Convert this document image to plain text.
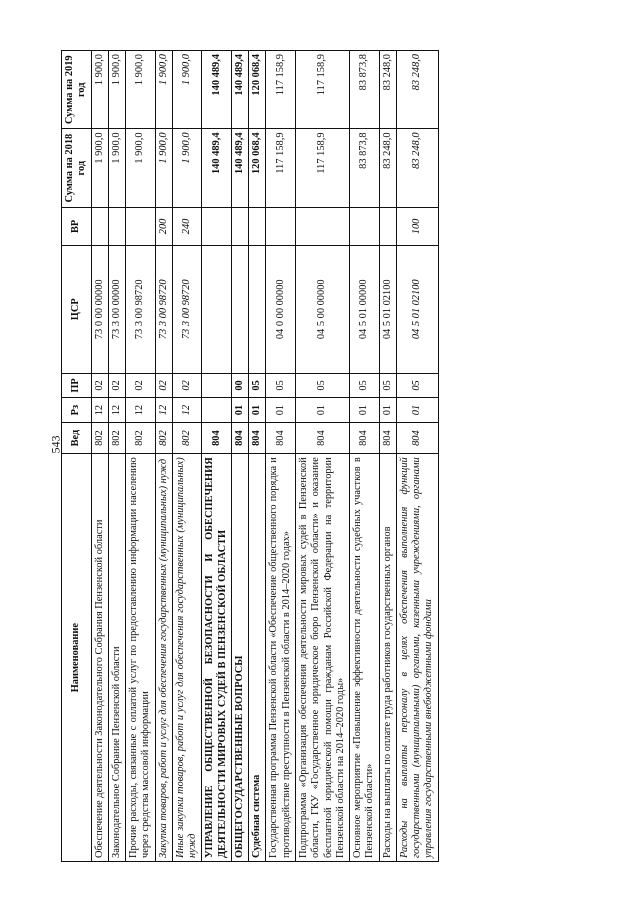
543
Наименование	Вед	Рз	ПР	ЦСР	ВР	Сумма на 2018 год	Сумма на 2019 год
Обеспечение деятельности Законодательного Собрания Пензенской области	802	12	02	73 0 00 00000		1 900,0	1 900,0
Законодательное Собрание Пензенской области	802	12	02	73 3 00 00000		1 900,0	1 900,0
Прочие расходы, связанные с оплатой услуг по предоставлению информации населению через средства массовой информации	802	12	02	73 3 00 98720		1 900,0	1 900,0
Закупка товаров, работ и услуг для обеспечения государственных (муниципальных) нужд	802	12	02	73 3 00 98720	200	1 900,0	1 900,0
Иные закупки товаров, работ и услуг для обеспечения государственных (муниципальных) нужд	802	12	02	73 3 00 98720	240	1 900,0	1 900,0
УПРАВЛЕНИЕ ОБЩЕСТВЕННОЙ БЕЗОПАСНОСТИ И ОБЕСПЕЧЕНИЯ ДЕЯТЕЛЬНОСТИ МИРОВЫХ СУДЕЙ В ПЕНЗЕНСКОЙ ОБЛАСТИ	804					140 489,4	140 489,4
ОБЩЕГОСУДАРСТВЕННЫЕ ВОПРОСЫ	804	01	00			140 489,4	140 489,4
Судебная система	804	01	05			120 068,4	120 068,4
Государственная программа Пензенской области «Обеспечение общественного порядка и противодействие преступности в Пензенской области в 2014–2020 годах»	804	01	05	04 0 00 00000		117 158,9	117 158,9
Подпрограмма «Организация обеспечения деятельности мировых судей в Пензенской области, ГКУ «Государственное юридическое бюро Пензенской области» и оказание бесплатной юридической помощи гражданам Российской Федерации на территории Пензенской области на 2014–2020 годы»	804	01	05	04 5 00 00000		117 158,9	117 158,9
Основное мероприятие «Повышение эффективности деятельности судебных участков в Пензенской области»	804	01	05	04 5 01 00000		83 873,8	83 873,8
Расходы на выплаты по оплате труда работников государственных органов	804	01	05	04 5 01 02100		83 248,0	83 248,0
Расходы на выплаты персоналу в целях обеспечения выполнения функций государственными (муниципальными) органами, казенными учреждениями, органами управления государственными внебюджетными фондами	804	01	05	04 5 01 02100	100	83 248,0	83 248,0
